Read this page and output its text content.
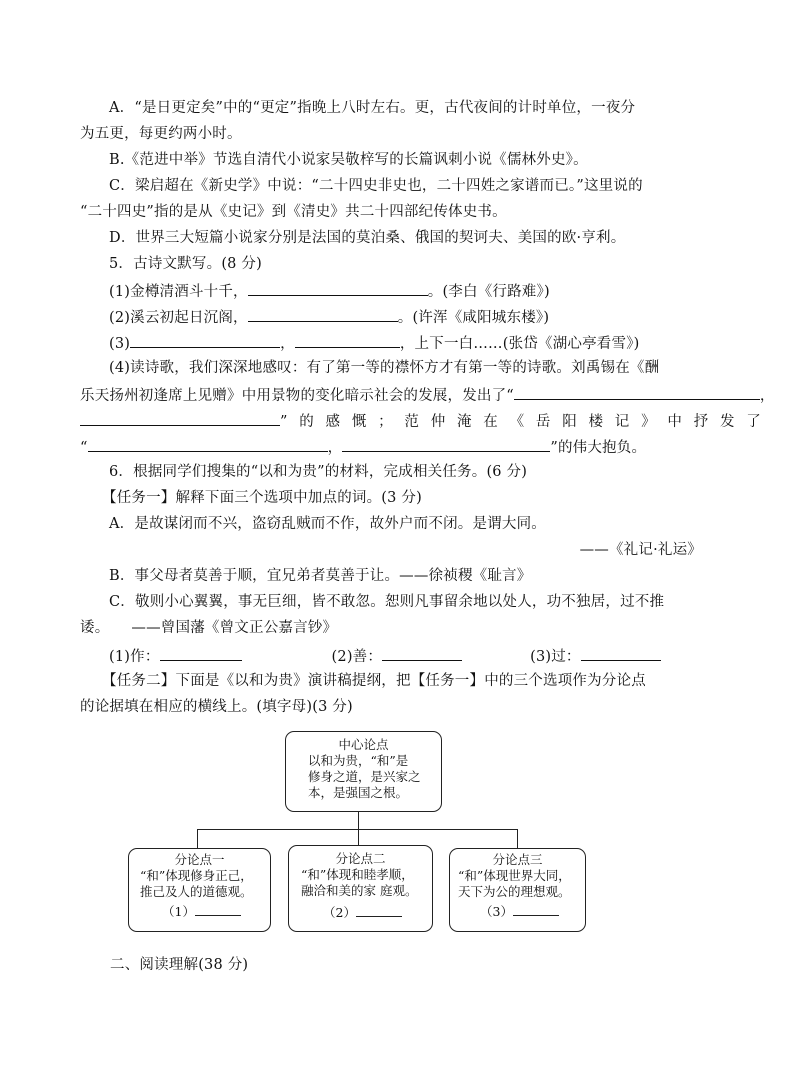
A．“是日更定矣”中的“更定”指晚上八时左右。更，古代夜间的计时单位，一夜分
为五更，每更约两小时。
B.《范进中举》节选自清代小说家吴敬梓写的长篇讽刺小说《儒林外史》。
C．梁启超在《新史学》中说：“二十四史非史也，二十四姓之家谱而已。”这里说的
“二十四史”指的是从《史记》到《清史》共二十四部纪传体史书。
D．世界三大短篇小说家分别是法国的莫泊桑、俄国的契诃夫、美国的欧·亨利。
5．古诗文默写。(8 分)
(1)金樽清酒斗十千，	。(李白《行路难》)
(2)溪云初起日沉阁，	。(许浑《咸阳城东楼》)
(3)	，	，上下一白……(张岱《湖心亭看雪》)
(4)读诗歌，我们深深地感叹：有了第一等的襟怀方才有第一等的诗歌。刘禹锡在《酬
乐天扬州初逢席上见赠》中用景物的变化暗示社会的发展，发出了“	，
”的感慨；范仲淹在《岳阳楼记》中抒发了
“	，	”的伟大抱负。
6．根据同学们搜集的“以和为贵”的材料，完成相关任务。(6 分)
【任务一】解释下面三个选项中加点的词。(3 分)
A．是故谋闭而不兴，盗窃乱贼而不作，故外户而不闭。是谓大同。
——《礼记·礼运》
B．事父母者莫善于顺，宜兄弟者莫善于让。——徐祯稷《耻言》
C．敬则小心翼翼，事无巨细，皆不敢忽。恕则凡事留余地以处人，功不独居，过不推
诿。 ——曾国藩《曾文正公嘉言钞》
(1)作：	(2)善：	(3)过：
【任务二】下面是《以和为贵》演讲稿提纲，把【任务一】中的三个选项作为分论点
的论据填在相应的横线上。(填字母)(3 分)
中心论点
以和为贵，“和”是
修身之道，是兴家之
本，是强国之根。
分论点一
“和”体现修身正己，
推己及人的道德观。
（1）
分论点二
“和”体现和睦孝顺，
融洽和美的家 庭观。
（2）
分论点三
“和”体现世界大同，
天下为公的理想观。
（3）
二、阅读理解(38 分)
